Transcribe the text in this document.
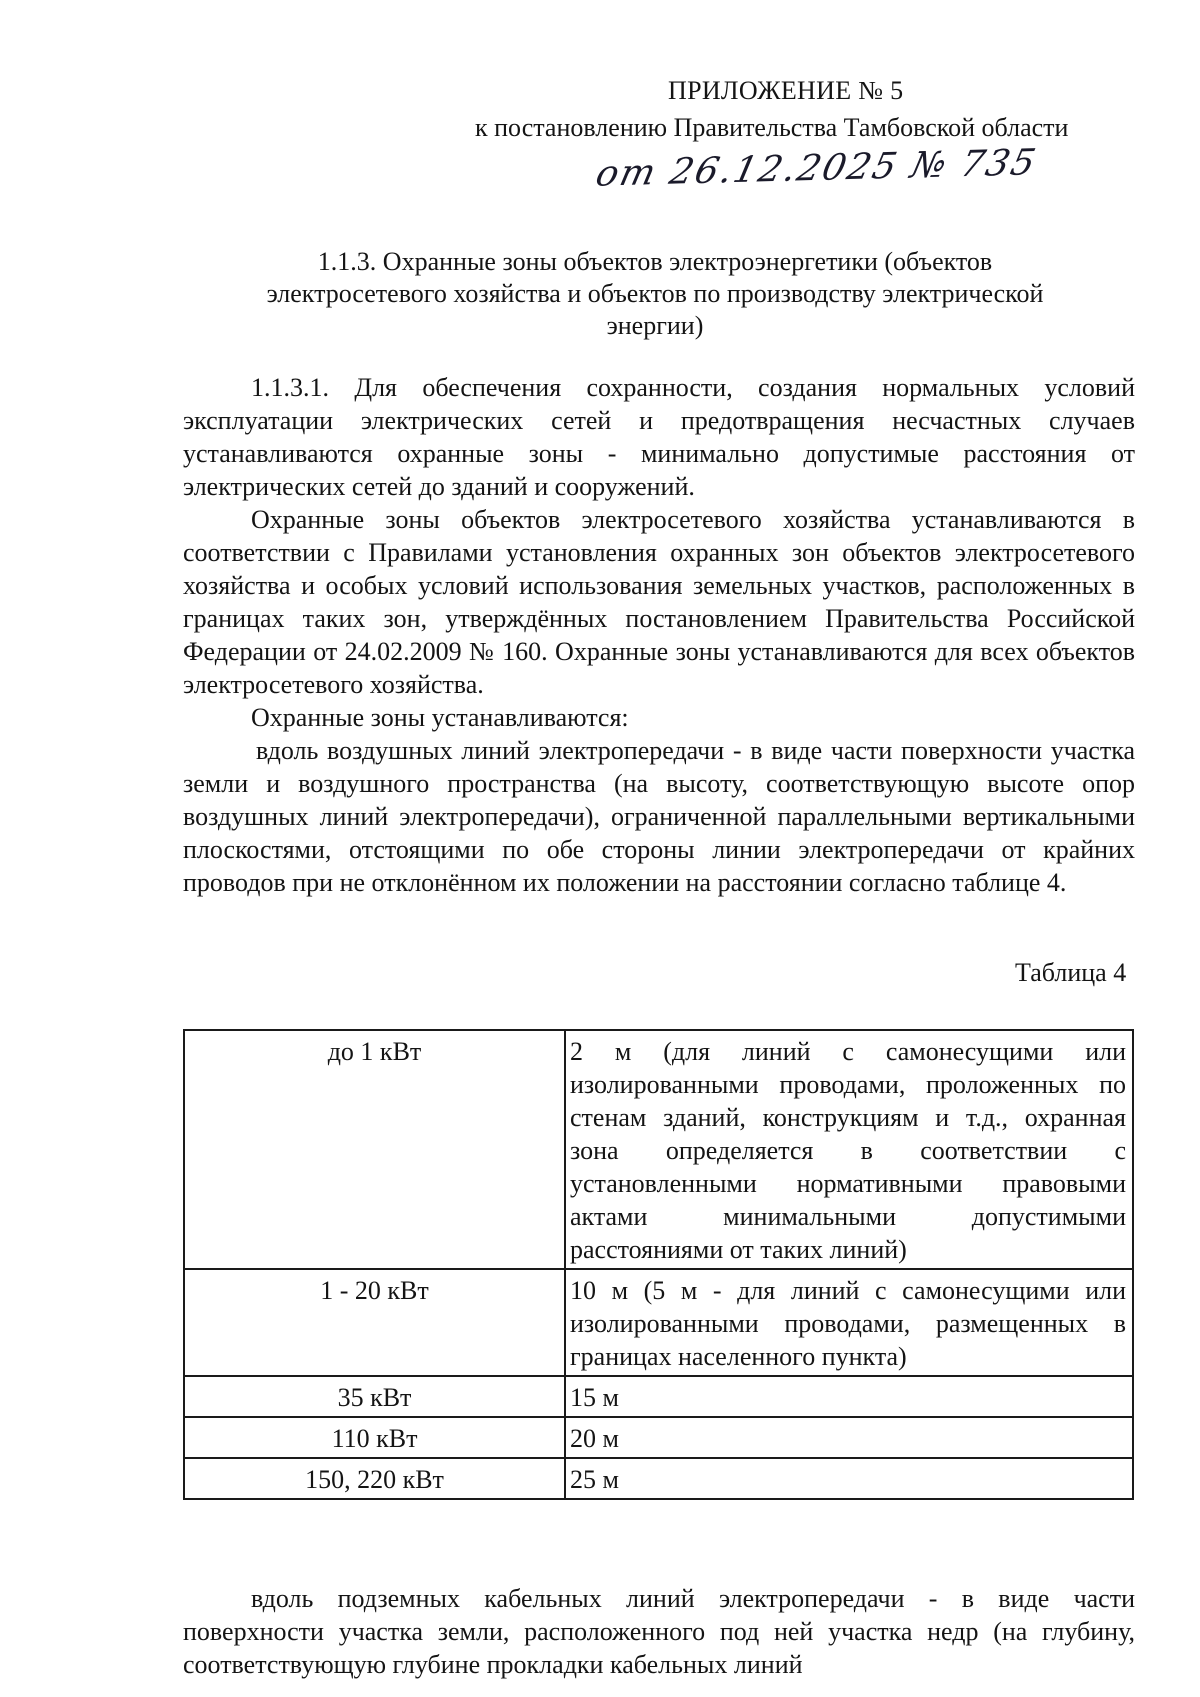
ПРИЛОЖЕНИЕ № 5
к постановлению Правительства Тамбовской области
от 26.12.2025 № 735
1.1.3. Охранные зоны объектов электроэнергетики (объектов электросетевого хозяйства и объектов по производству электрической энергии)

1.1.3.1. Для обеспечения сохранности, создания нормальных условий эксплуатации электрических сетей и предотвращения несчастных случаев устанавливаются охранные зоны - минимально допустимые расстояния от электрических сетей до зданий и сооружений.

Охранные зоны объектов электросетевого хозяйства устанавливаются в соответствии с Правилами установления охранных зон объектов электросетевого хозяйства и особых условий использования земельных участков, расположенных в границах таких зон, утверждённых постановлением Правительства Российской Федерации от 24.02.2009 № 160. Охранные зоны устанавливаются для всех объектов электросетевого хозяйства.

Охранные зоны устанавливаются:

вдоль воздушных линий электропередачи - в виде части поверхности участка земли и воздушного пространства (на высоту, соответствующую высоте опор воздушных линий электропередачи), ограниченной параллельными вертикальными плоскостями, отстоящими по обе стороны линии электропередачи от крайних проводов при не отклонённом их положении на расстоянии согласно таблице 4.

Таблица 4
до 1 кВт	2 м (для линий с самонесущими или изолированными проводами, проложенных по стенам зданий, конструкциям и т.д., охранная зона определяется в соответствии с установленными нормативными правовыми актами минимальными допустимыми расстояниями от таких линий)
1 - 20 кВт	10 м (5 м - для линий с самонесущими или изолированными проводами, размещенных в границах населенного пункта)
35 кВт	15 м
110 кВт	20 м
150, 220 кВт	25 м

вдоль подземных кабельных линий электропередачи - в виде части поверхности участка земли, расположенного под ней участка недр (на глубину, соответствующую глубине прокладки кабельных линий
